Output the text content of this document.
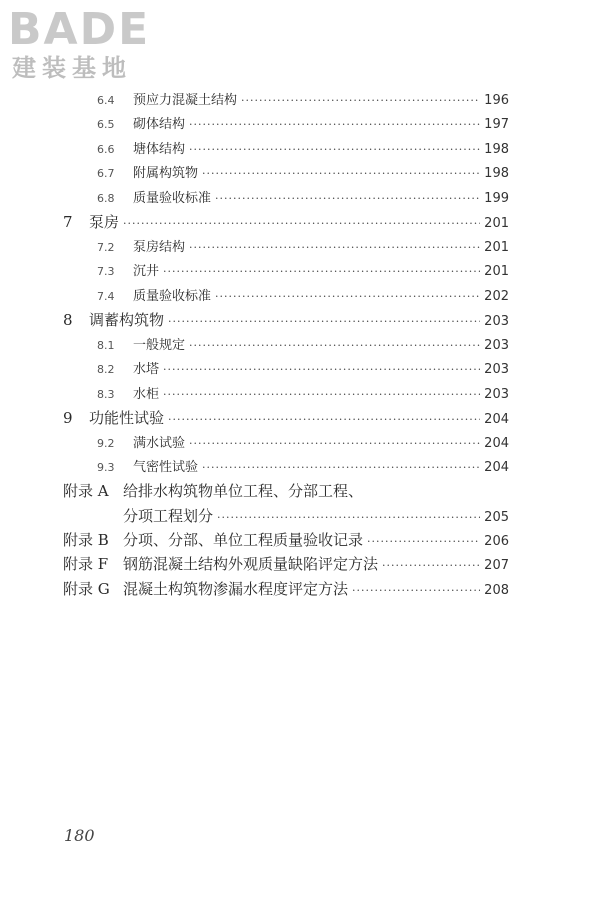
BADE
建装基地
6.4	预应力混凝土结构 ·····	196
6.5	砌体结构 ·····	197
6.6	塘体结构 ·····	198
6.7	附属构筑物 ·····	198
6.8	质量验收标准 ·····	199
7	泵房 ·····	201
7.2	泵房结构 ·····	201
7.3	沉井 ·····	201
7.4	质量验收标准 ·····	202
8	调蓄构筑物 ·····	203
8.1	一般规定 ·····	203
8.2	水塔 ·····	203
8.3	水柜 ·····	203
9	功能性试验 ·····	204
9.2	满水试验 ·····	204
9.3	气密性试验 ·····	204
附录 A 给排水构筑物单位工程、分部工程、
分项工程划分 ·····	205
附录 B 分项、分部、单位工程质量验收记录 ·····	206
附录 F 钢筋混凝土结构外观质量缺陷评定方法 ·····	207
附录 G 混凝土构筑物渗漏水程度评定方法 ·····	208
180
